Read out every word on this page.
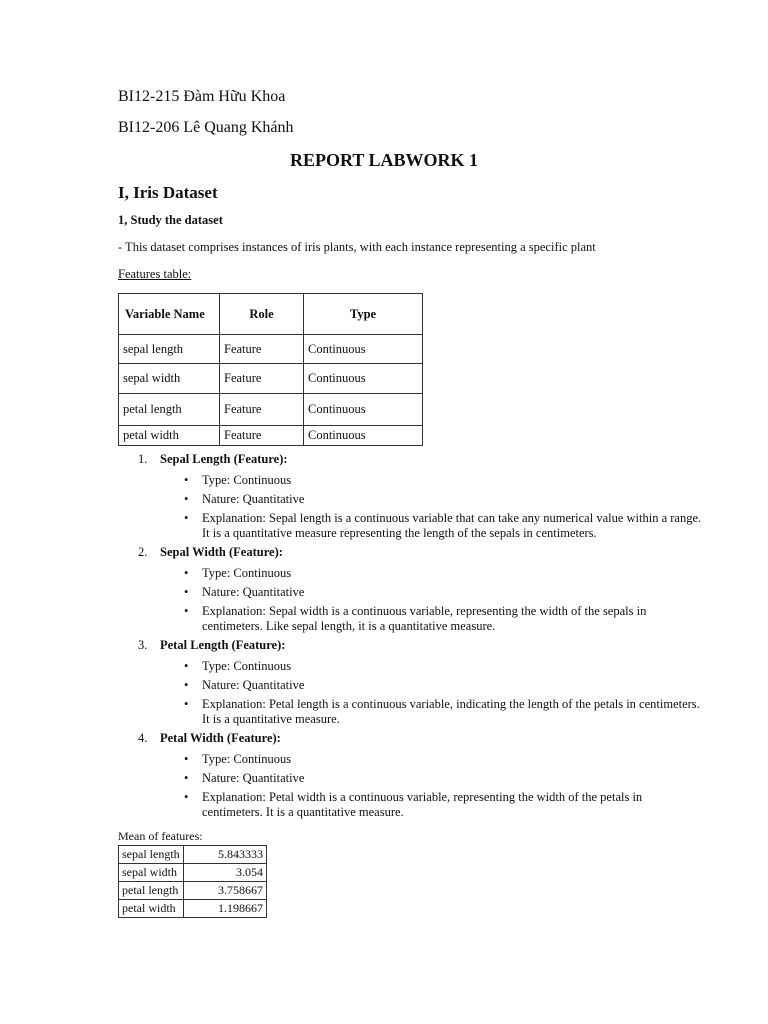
BI12-215 Đàm Hữu Khoa
BI12-206 Lê Quang Khánh
REPORT LABWORK 1
I, Iris Dataset
1, Study the dataset
- This dataset comprises instances of iris plants, with each instance representing a specific plant
Features table:
Variable Name	Role	Type
sepal length	Feature	Continuous
sepal width	Feature	Continuous
petal length	Feature	Continuous
petal width	Feature	Continuous
1. Sepal Length (Feature):
• Type: Continuous
• Nature: Quantitative
• Explanation: Sepal length is a continuous variable that can take any numerical value within a range. It is a quantitative measure representing the length of the sepals in centimeters.
2. Sepal Width (Feature):
• Type: Continuous
• Nature: Quantitative
• Explanation: Sepal width is a continuous variable, representing the width of the sepals in centimeters. Like sepal length, it is a quantitative measure.
3. Petal Length (Feature):
• Type: Continuous
• Nature: Quantitative
• Explanation: Petal length is a continuous variable, indicating the length of the petals in centimeters. It is a quantitative measure.
4. Petal Width (Feature):
• Type: Continuous
• Nature: Quantitative
• Explanation: Petal width is a continuous variable, representing the width of the petals in centimeters. It is a quantitative measure.
Mean of features:
sepal length	5.843333
sepal width	3.054
petal length	3.758667
petal width	1.198667
